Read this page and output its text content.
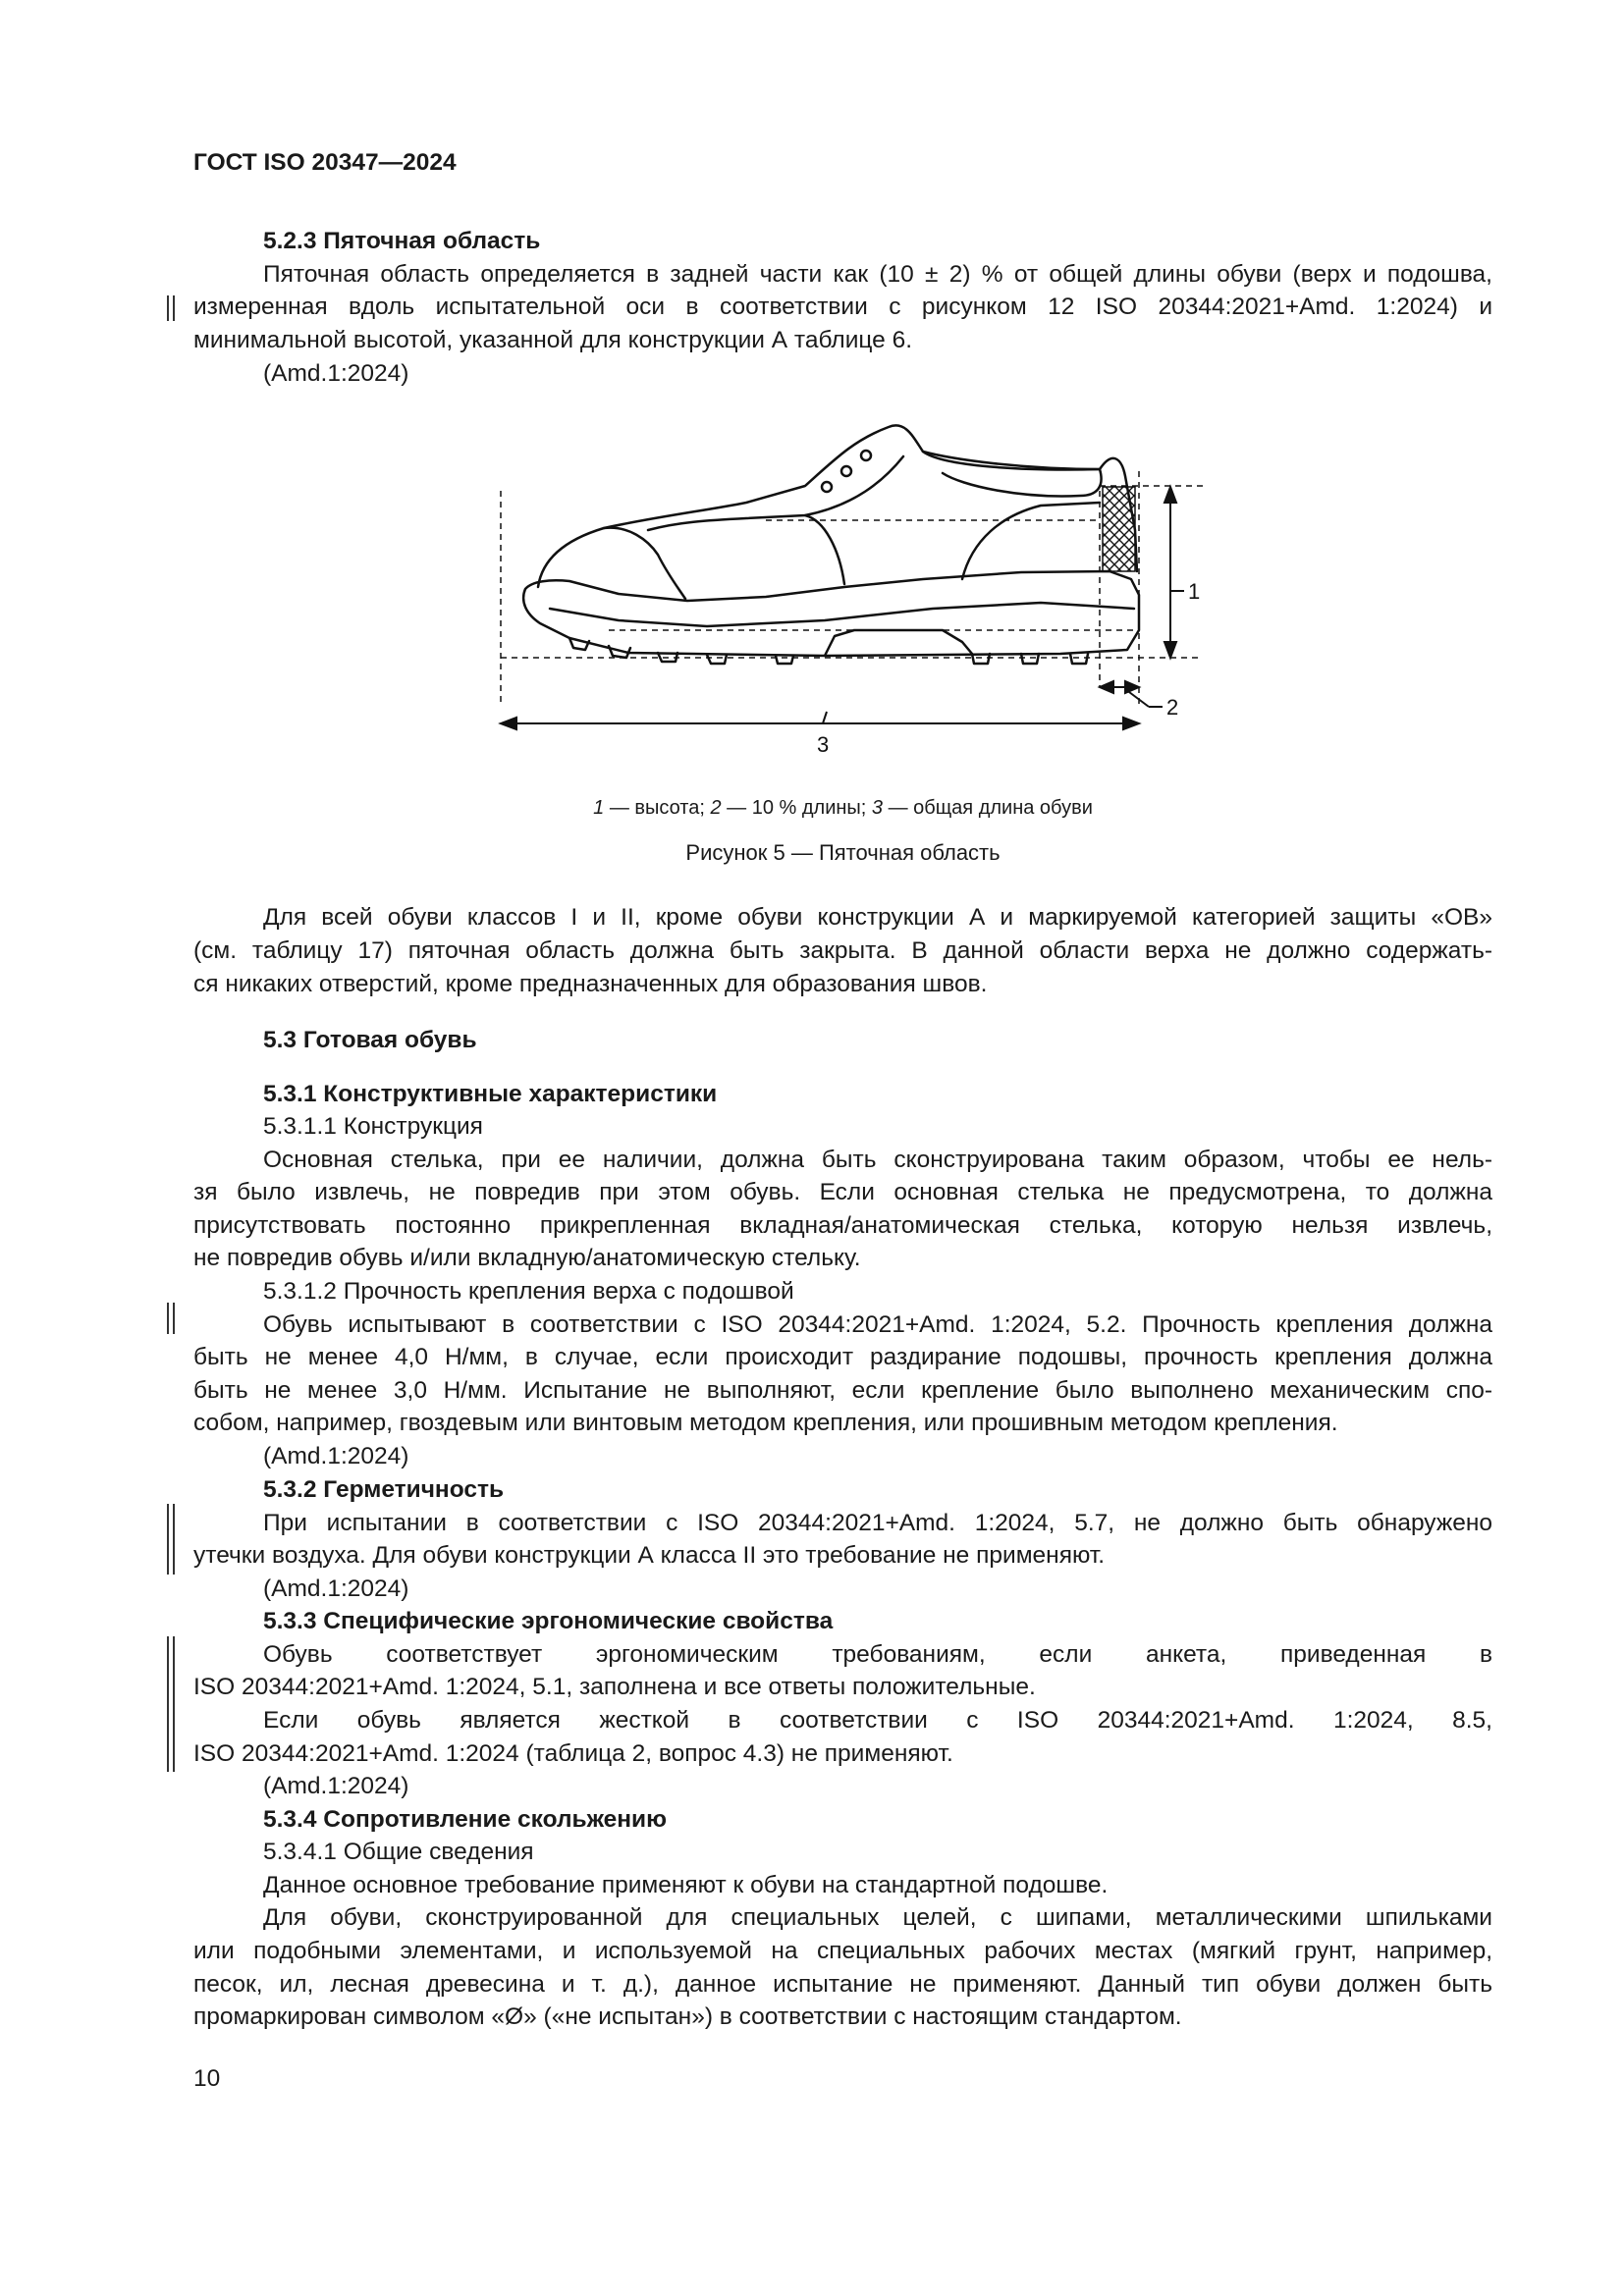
ГОСТ ISO 20347—2024
5.2.3 Пяточная область
Пяточная область определяется в задней части как (10 ± 2) % от общей длины обуви (верх и подошва,
измеренная вдоль испытательной оси в соответствии с рисунком 12 ISO 20344:2021+Amd. 1:2024) и
минимальной высотой, указанной для конструкции А таблице 6.
(Amd.1:2024)
1
2
3
1 — высота; 2 — 10 % длины; 3 — общая длина обуви
Рисунок 5 — Пяточная область
Для всей обуви классов I и II, кроме обуви конструкции А и маркируемой категорией защиты «OB»
(см. таблицу 17) пяточная область должна быть закрыта. В данной области верха не должно содержать-
ся никаких отверстий, кроме предназначенных для образования швов.
5.3 Готовая обувь
5.3.1 Конструктивные характеристики
5.3.1.1 Конструкция
Основная стелька, при ее наличии, должна быть сконструирована таким образом, чтобы ее нель-
зя было извлечь, не повредив при этом обувь. Если основная стелька не предусмотрена, то должна
присутствовать постоянно прикрепленная вкладная/анатомическая стелька, которую нельзя извлечь,
не повредив обувь и/или вкладную/анатомическую стельку.
5.3.1.2 Прочность крепления верха с подошвой
Обувь испытывают в соответствии с ISO 20344:2021+Amd. 1:2024, 5.2. Прочность крепления должна
быть не менее 4,0 Н/мм, в случае, если происходит раздирание подошвы, прочность крепления должна
быть не менее 3,0 Н/мм. Испытание не выполняют, если крепление было выполнено механическим спо-
собом, например, гвоздевым или винтовым методом крепления, или прошивным методом крепления.
(Amd.1:2024)
5.3.2 Герметичность
При испытании в соответствии с ISO 20344:2021+Amd. 1:2024, 5.7, не должно быть обнаружено
утечки воздуха. Для обуви конструкции А класса II это требование не применяют.
(Amd.1:2024)
5.3.3 Специфические эргономические свойства
Обувь соответствует эргономическим требованиям, если анкета, приведенная в
ISO 20344:2021+Amd. 1:2024, 5.1, заполнена и все ответы положительные.
Если обувь является жесткой в соответствии с ISO 20344:2021+Amd. 1:2024, 8.5,
ISO 20344:2021+Amd. 1:2024 (таблица 2, вопрос 4.3) не применяют.
(Amd.1:2024)
5.3.4 Сопротивление скольжению
5.3.4.1 Общие сведения
Данное основное требование применяют к обуви на стандартной подошве.
Для обуви, сконструированной для специальных целей, с шипами, металлическими шпильками
или подобными элементами, и используемой на специальных рабочих местах (мягкий грунт, например,
песок, ил, лесная древесина и т. д.), данное испытание не применяют. Данный тип обуви должен быть
промаркирован символом «Ø» («не испытан») в соответствии с настоящим стандартом.
10
